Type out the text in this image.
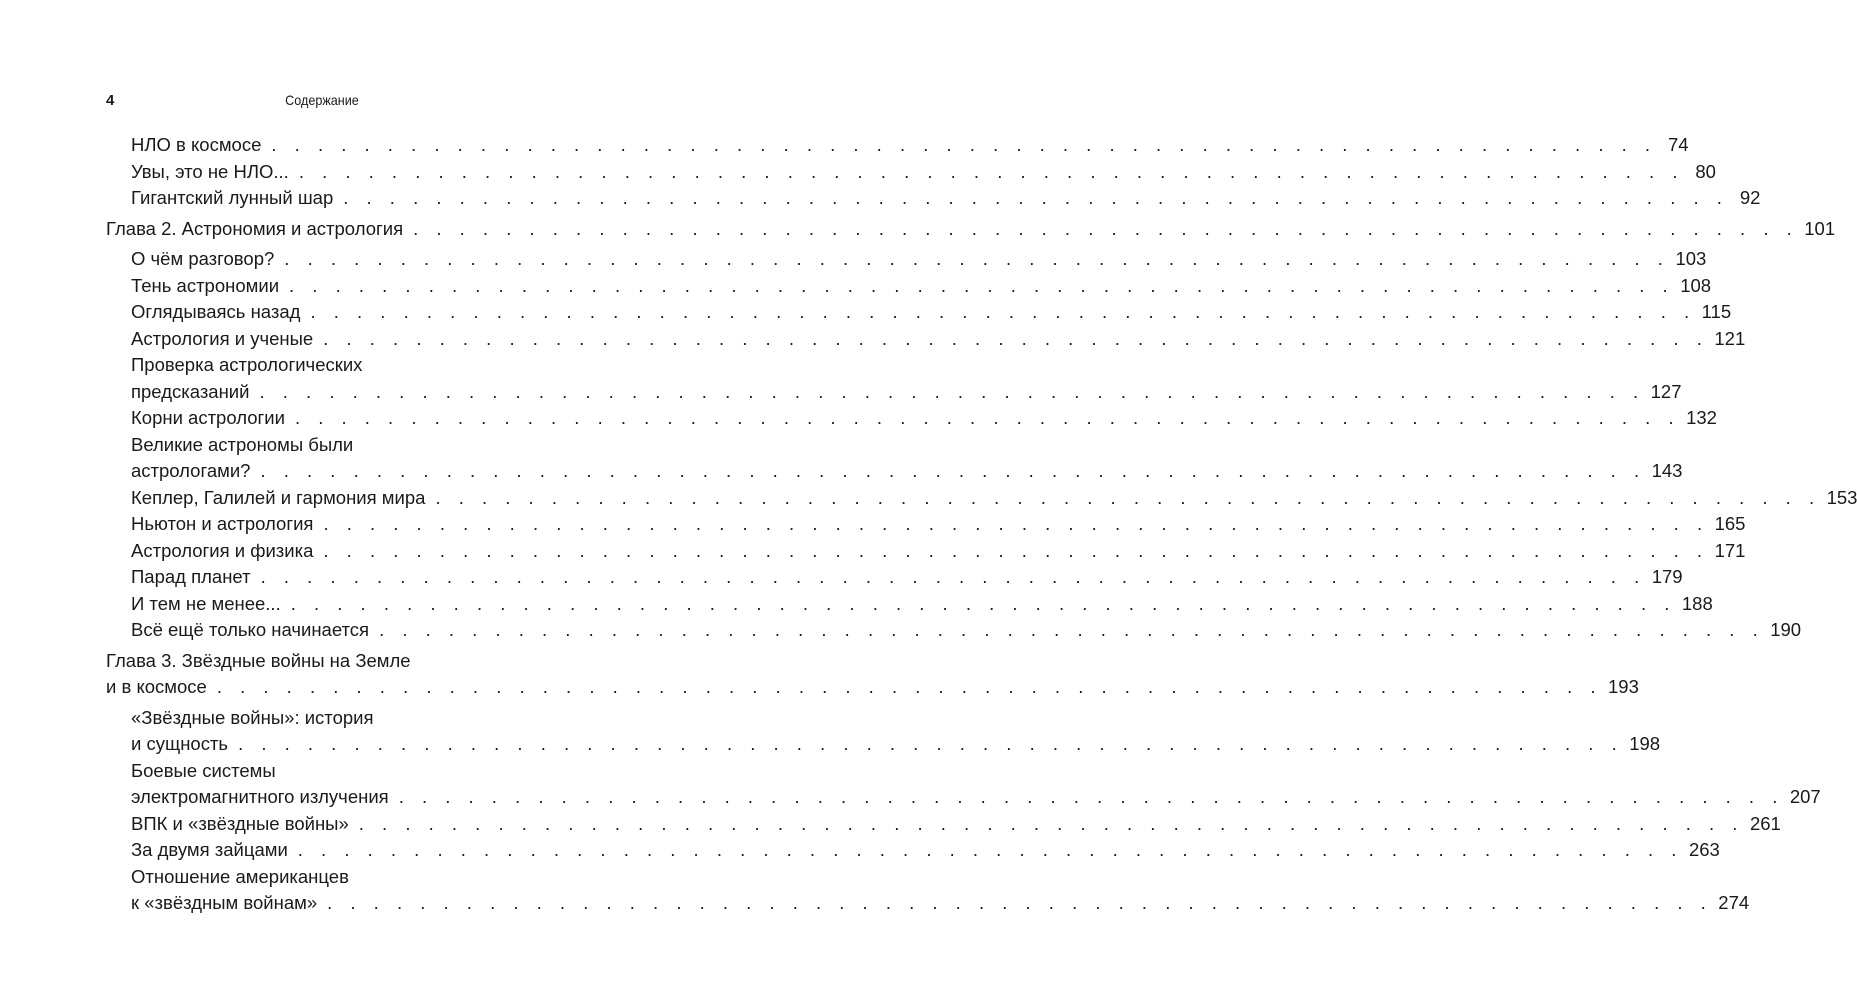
4	Содержание
НЛО в космосе . . . . . . . . . . . . . . . . . . . . . . . . . . . . . . . . . . . . . . . . . . . . . . . . . . . . . . . . . . . . 74
Увы, это не НЛО... . . . . . . . . . . . . . . . . . . . . . . . . . . . . . . . . . . . . . . . . . . . . . . . . . . . . . . . . . . . . 80
Гигантский лунный шар . . . . . . . . . . . . . . . . . . . . . . . . . . . . . . . . . . . . . . . . . . . . . . . . . . . . . . . . . . . . 92
Глава 2. Астрономия и астрология . . . . . . . . . . . . . . . . . . . . . . . . . . . . . . . . . . . . . . . . . . . . . . . . . . . . . . . . . . . . 101
О чём разговор? . . . . . . . . . . . . . . . . . . . . . . . . . . . . . . . . . . . . . . . . . . . . . . . . . . . . . . . . . . . . 103
Тень астрономии . . . . . . . . . . . . . . . . . . . . . . . . . . . . . . . . . . . . . . . . . . . . . . . . . . . . . . . . . . . . 108
Оглядываясь назад . . . . . . . . . . . . . . . . . . . . . . . . . . . . . . . . . . . . . . . . . . . . . . . . . . . . . . . . . . . . 115
Астрология и ученые . . . . . . . . . . . . . . . . . . . . . . . . . . . . . . . . . . . . . . . . . . . . . . . . . . . . . . . . . . . . 121
Проверка астрологических
предсказаний . . . . . . . . . . . . . . . . . . . . . . . . . . . . . . . . . . . . . . . . . . . . . . . . . . . . . . . . . . . . 127
Корни астрологии . . . . . . . . . . . . . . . . . . . . . . . . . . . . . . . . . . . . . . . . . . . . . . . . . . . . . . . . . . . . 132
Великие астрономы были
астрологами? . . . . . . . . . . . . . . . . . . . . . . . . . . . . . . . . . . . . . . . . . . . . . . . . . . . . . . . . . . . . 143
Кеплер, Галилей и гармония мира . . . . . . . . . . . . . . . . . . . . . . . . . . . . . . . . . . . . . . . . . . . . . . . . . . . . . . . . . . . . 153
Ньютон и астрология . . . . . . . . . . . . . . . . . . . . . . . . . . . . . . . . . . . . . . . . . . . . . . . . . . . . . . . . . . . . 165
Астрология и физика . . . . . . . . . . . . . . . . . . . . . . . . . . . . . . . . . . . . . . . . . . . . . . . . . . . . . . . . . . . . 171
Парад планет . . . . . . . . . . . . . . . . . . . . . . . . . . . . . . . . . . . . . . . . . . . . . . . . . . . . . . . . . . . . 179
И тем не менее... . . . . . . . . . . . . . . . . . . . . . . . . . . . . . . . . . . . . . . . . . . . . . . . . . . . . . . . . . . . . 188
Всё ещё только начинается . . . . . . . . . . . . . . . . . . . . . . . . . . . . . . . . . . . . . . . . . . . . . . . . . . . . . . . . . . . . 190
Глава 3. Звёздные войны на Земле
и в космосе . . . . . . . . . . . . . . . . . . . . . . . . . . . . . . . . . . . . . . . . . . . . . . . . . . . . . . . . . . . . 193
«Звёздные войны»: история
и сущность . . . . . . . . . . . . . . . . . . . . . . . . . . . . . . . . . . . . . . . . . . . . . . . . . . . . . . . . . . . . 198
Боевые системы
электромагнитного излучения . . . . . . . . . . . . . . . . . . . . . . . . . . . . . . . . . . . . . . . . . . . . . . . . . . . . . . . . . . . . 207
ВПК и «звёздные войны» . . . . . . . . . . . . . . . . . . . . . . . . . . . . . . . . . . . . . . . . . . . . . . . . . . . . . . . . . . . . 261
За двумя зайцами . . . . . . . . . . . . . . . . . . . . . . . . . . . . . . . . . . . . . . . . . . . . . . . . . . . . . . . . . . . . 263
Отношение американцев
к «звёздным войнам» . . . . . . . . . . . . . . . . . . . . . . . . . . . . . . . . . . . . . . . . . . . . . . . . . . . . . . . . . . . . 274
